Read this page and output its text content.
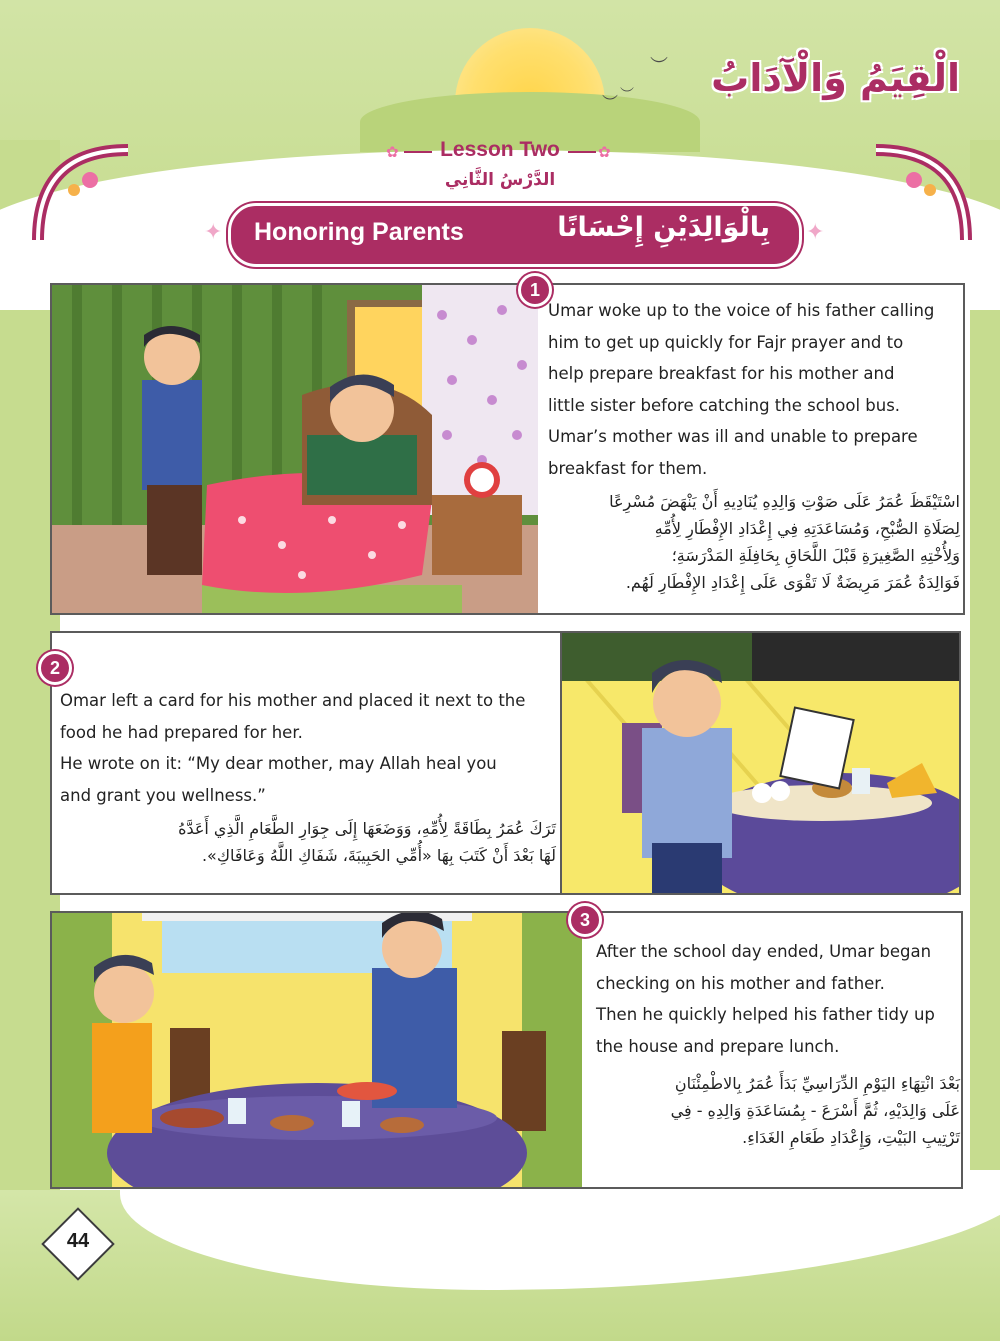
︶
︶ ︶ الْقِيَمُ وَالْآدَابُ
✿	✿
Lesson Two
الدَّرْسُ الثَّانِي
✦	✦
Honoring Parents	بِالْوَالِدَيْنِ إِحْسَانًا
1
Umar woke up to the voice of his father calling
him to get up quickly for Fajr prayer and to
help prepare breakfast for his mother and
little sister before catching the school bus.
Umar’s mother was ill and unable to prepare
breakfast for them.
اسْتَيْقَظَ عُمَرُ عَلَى صَوْتِ وَالِدِهِ يُنَادِيهِ أَنْ يَنْهَضَ مُسْرِعًا
لِصَلَاةِ الصُّبْحِ، وَمُسَاعَدَتِهِ فِي إِعْدَادِ الإِفْطَارِ لِأُمِّهِ
وَلِأُخْتِهِ الصَّغِيرَةِ قَبْلَ اللَّحَاقِ بِحَافِلَةِ المَدْرَسَةِ؛
فَوَالِدَةُ عُمَرَ مَرِيضَةٌ لَا تَقْوَى عَلَى إِعْدَادِ الإِفْطَارِ لَهُم.
2
Omar left a card for his mother and placed it next to the
food he had prepared for her.
He wrote on it: “My dear mother, may Allah heal you
and grant you wellness.”
تَرَكَ عُمَرُ بِطَاقَةً لِأُمِّهِ، وَوَضَعَهَا إِلَى جِوَارِ الطَّعَامِ الَّذِي أَعَدَّهُ
لَهَا بَعْدَ أَنْ كَتَبَ بِهَا «أُمِّي الحَبِيبَةَ، شَفَاكِ اللَّهُ وَعَافَاكِ».
3
After the school day ended, Umar began
checking on his mother and father.
Then he quickly helped his father tidy up
the house and prepare lunch.
بَعْدَ انْتِهَاءِ اليَوْمِ الدِّرَاسِيِّ بَدَأَ عُمَرُ بِالاطْمِئْنَانِ
عَلَى وَالِدَيْهِ، ثُمَّ أَسْرَعَ - بِمُسَاعَدَةِ وَالِدِهِ - فِي
تَرْتِيبِ البَيْتِ، وَإِعْدَادِ طَعَامِ الغَدَاءِ.
44
